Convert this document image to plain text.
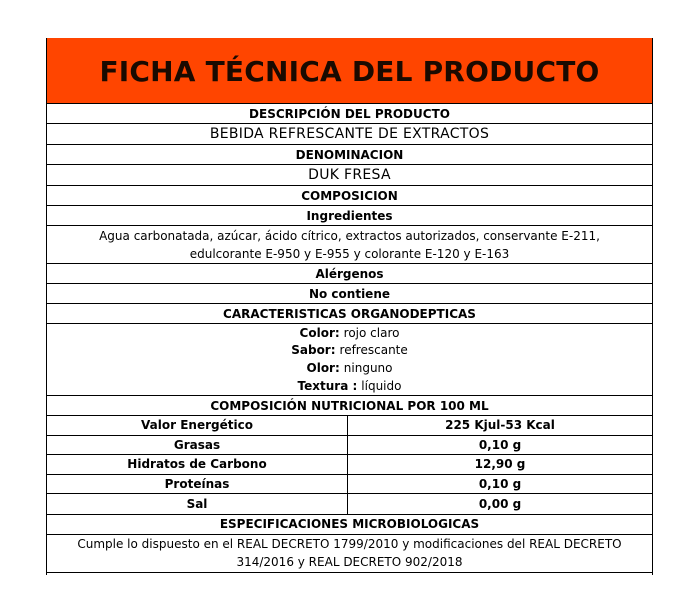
FICHA TÉCNICA DEL PRODUCTO
DESCRIPCIÓN DEL PRODUCTO
BEBIDA REFRESCANTE DE EXTRACTOS
DENOMINACION
DUK FRESA
COMPOSICION
Ingredientes
Agua carbonatada, azúcar, ácido cítrico, extractos autorizados, conservante E-211,
edulcorante E-950 y E-955 y colorante E-120 y E-163
Alérgenos
No contiene
CARACTERISTICAS ORGANODEPTICAS
Color: rojo claro
Sabor: refrescante
Olor: ninguno
Textura : líquido
COMPOSICIÓN NUTRICIONAL POR 100 ML
Valor Energético	225 Kjul-53 Kcal
Grasas	0,10 g
Hidratos de Carbono	12,90 g
Proteínas	0,10 g
Sal	0,00 g
ESPECIFICACIONES MICROBIOLOGICAS
Cumple lo dispuesto en el REAL DECRETO 1799/2010 y modificaciones del REAL DECRETO
314/2016 y REAL DECRETO 902/2018
